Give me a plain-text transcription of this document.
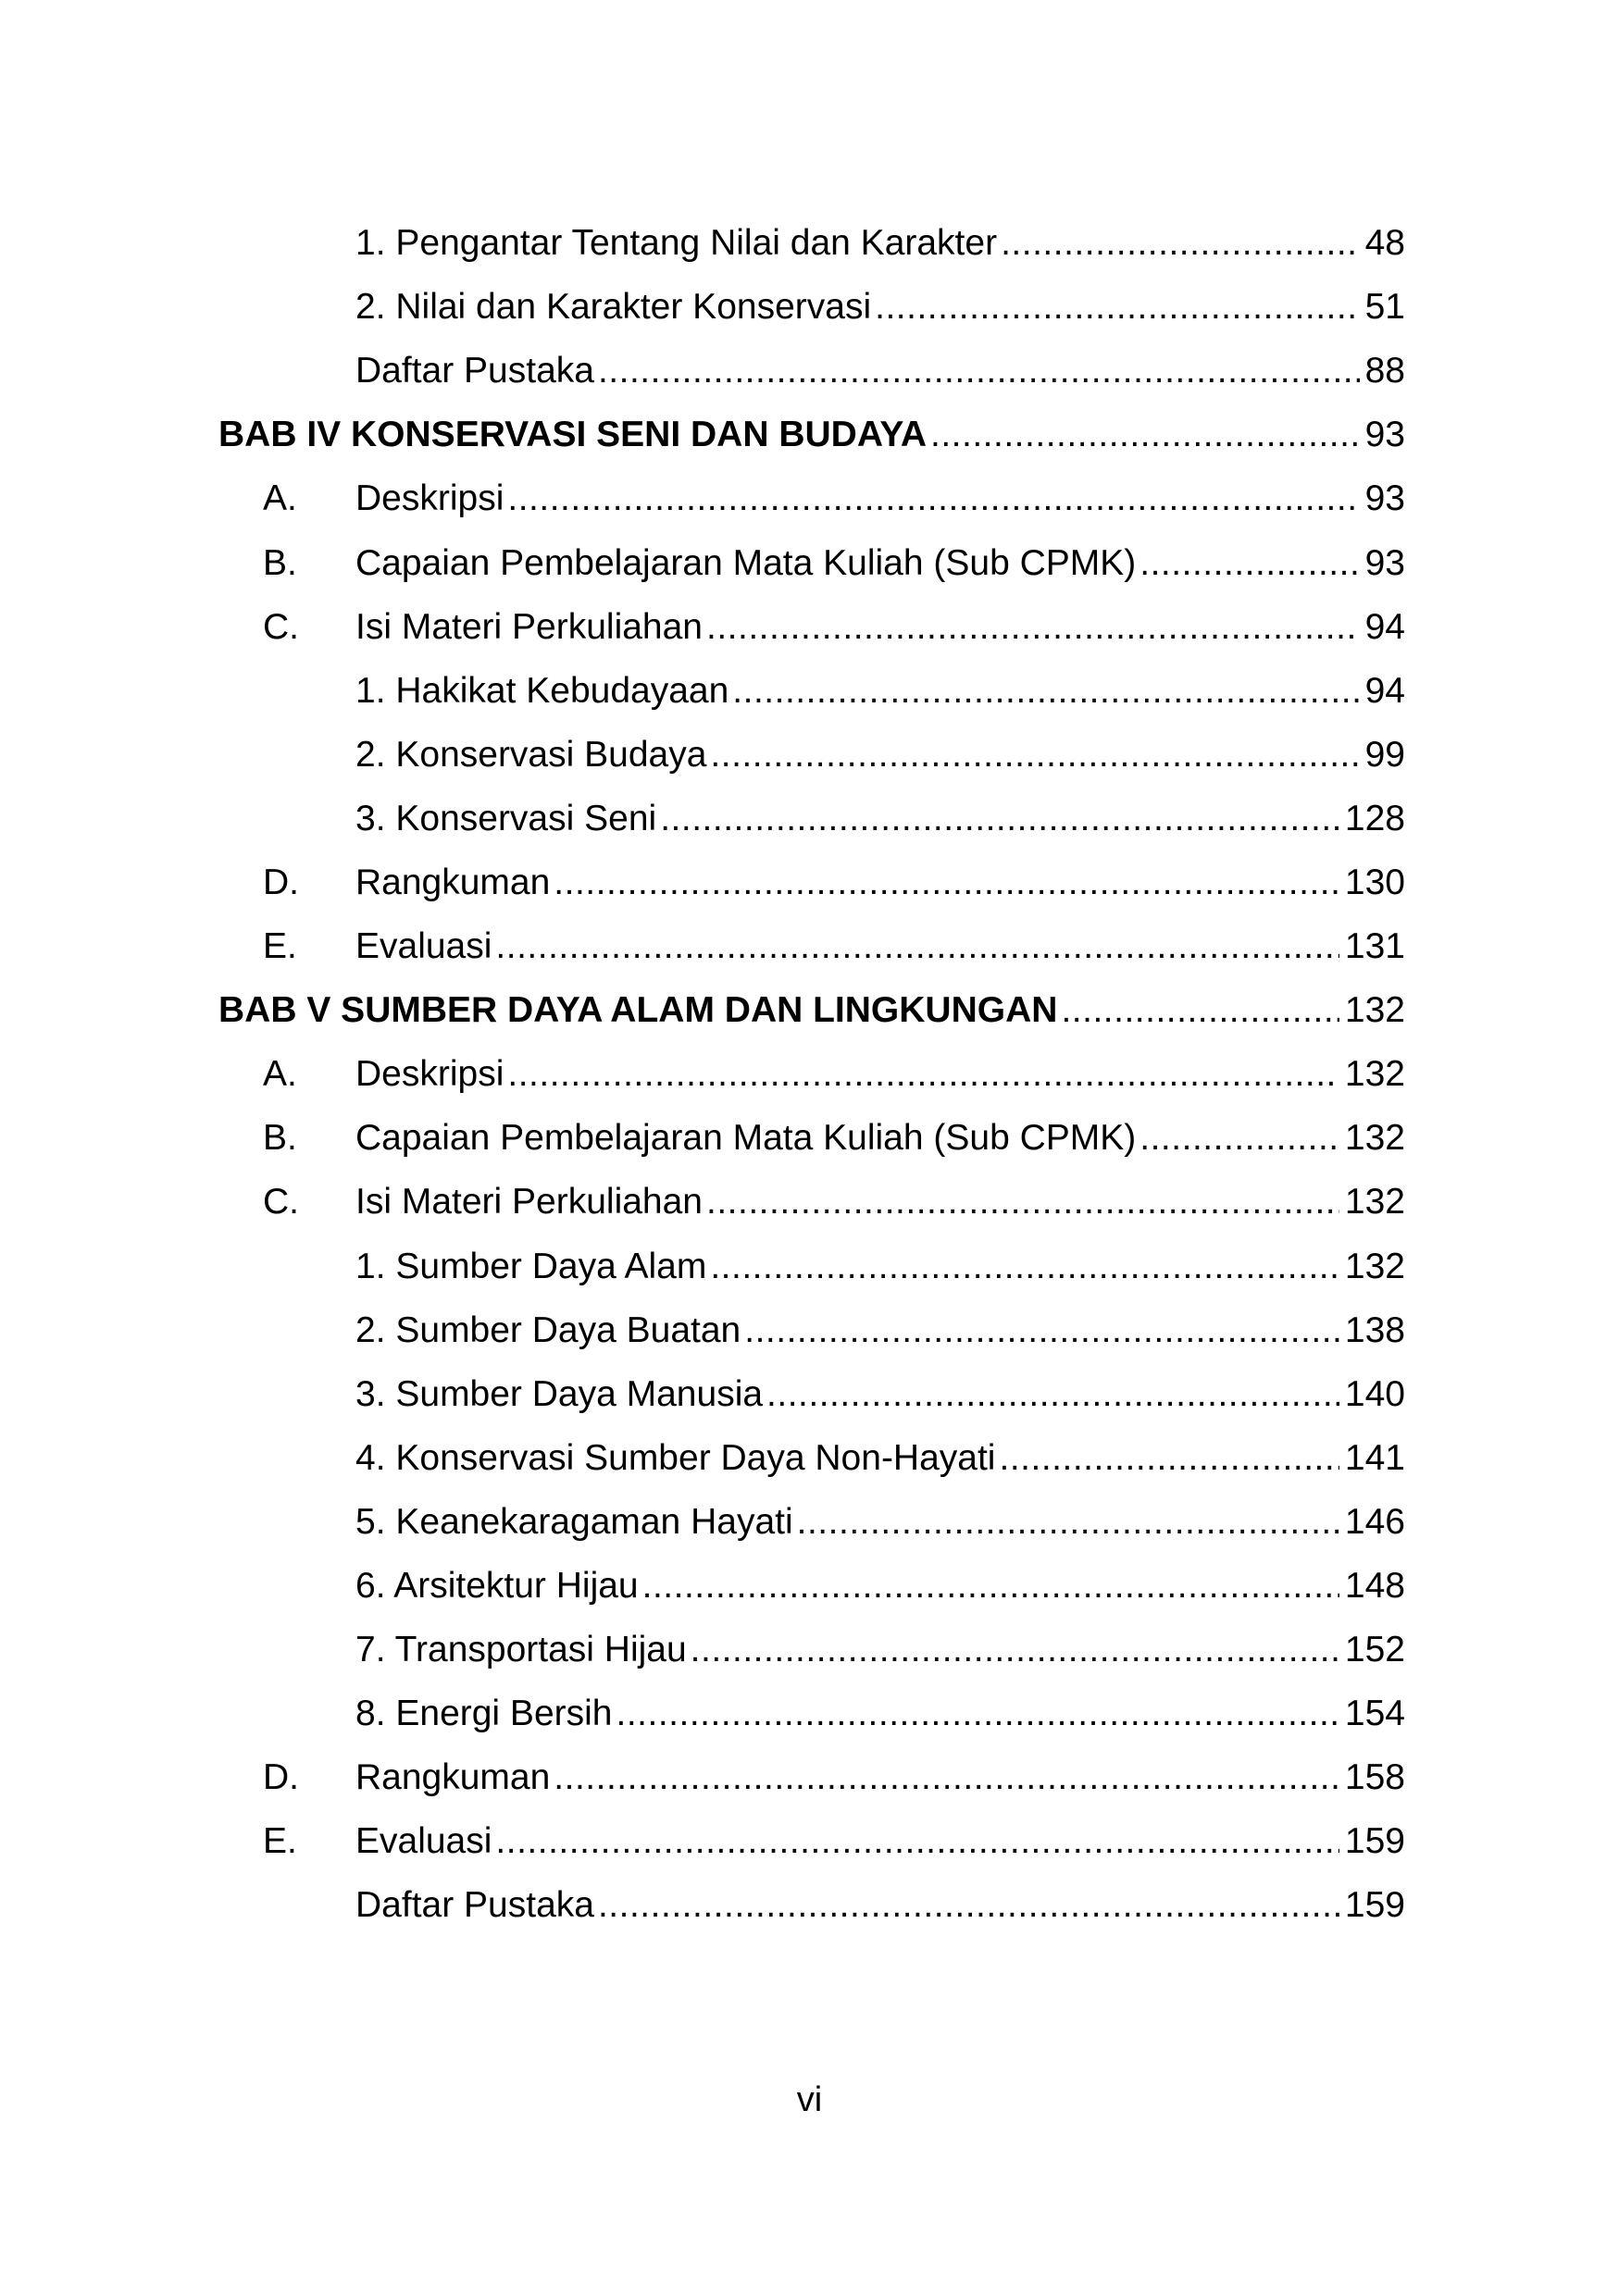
1. Pengantar Tentang Nilai dan Karakter .....	48
2. Nilai dan Karakter Konservasi .....	51
Daftar Pustaka .....	88
BAB IV KONSERVASI SENI DAN BUDAYA .....	93
A.	Deskripsi .....	93
B.	Capaian Pembelajaran Mata Kuliah (Sub CPMK) .....	93
C.	Isi Materi Perkuliahan .....	94
1. Hakikat Kebudayaan .....	94
2. Konservasi Budaya .....	99
3. Konservasi Seni .....	128
D.	Rangkuman .....	130
E.	Evaluasi .....	131
BAB V SUMBER DAYA ALAM DAN LINGKUNGAN .....	132
A.	Deskripsi .....	132
B.	Capaian Pembelajaran Mata Kuliah (Sub CPMK) .....	132
C.	Isi Materi Perkuliahan .....	132
1. Sumber Daya Alam .....	132
2. Sumber Daya Buatan .....	138
3. Sumber Daya Manusia .....	140
4. Konservasi Sumber Daya Non-Hayati .....	141
5. Keanekaragaman Hayati .....	146
6. Arsitektur Hijau .....	148
7. Transportasi Hijau .....	152
8. Energi Bersih .....	154
D.	Rangkuman .....	158
E.	Evaluasi .....	159
Daftar Pustaka .....	159
vi
